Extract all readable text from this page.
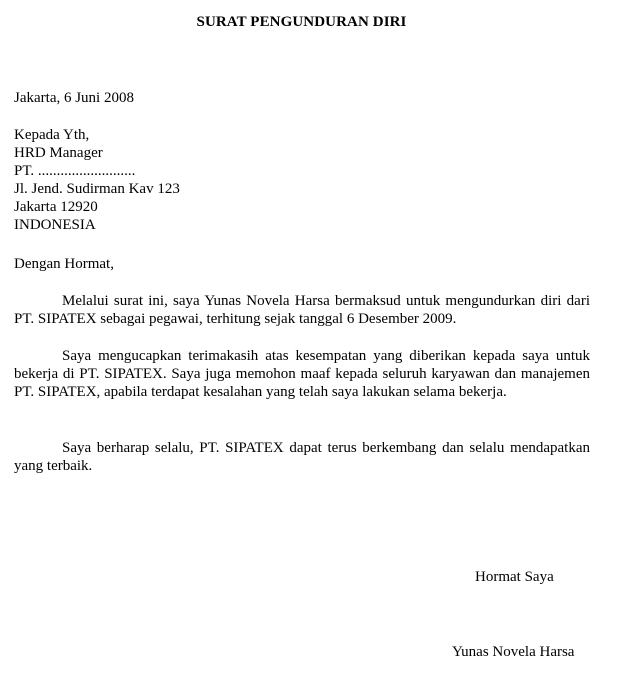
SURAT PENGUNDURAN DIRI
Jakarta, 6 Juni 2008
Kepada Yth,
HRD Manager
PT. ..........................
Jl. Jend. Sudirman Kav 123
Jakarta 12920
INDONESIA
Dengan Hormat,
Melalui surat ini, saya Yunas Novela Harsa bermaksud untuk mengundurkan diri dari PT. SIPATEX sebagai pegawai, terhitung sejak tanggal 6 Desember 2009.
Saya mengucapkan terimakasih atas kesempatan yang diberikan kepada saya untuk bekerja di PT. SIPATEX. Saya juga memohon maaf kepada seluruh karyawan dan manajemen PT. SIPATEX, apabila terdapat kesalahan yang telah saya lakukan selama bekerja.
Saya berharap selalu, PT. SIPATEX dapat terus berkembang dan selalu mendapatkan yang terbaik.
Hormat Saya
Yunas Novela Harsa
